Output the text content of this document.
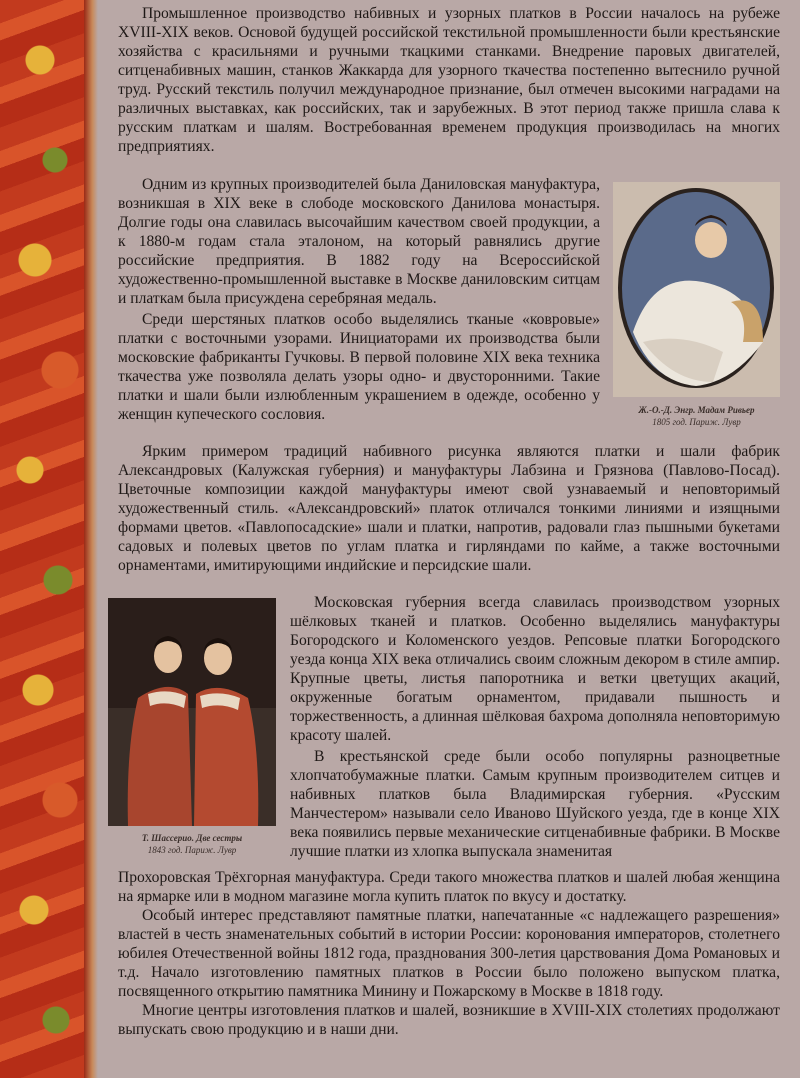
Промышленное производство набивных и узорных платков в России началось на рубеже XVIII-XIX веков. Основой будущей российской текстильной промышленности были крестьянские хозяйства с красильнями и ручными ткацкими станками. Внедрение паровых двигателей, ситценабивных машин, станков Жаккарда для узорного ткачества постепенно вытеснило ручной труд. Русский текстиль получил международное признание, был отмечен высокими наградами на различных выставках, как российских, так и зарубежных. В этот период также пришла слава к русским платкам и шалям. Востребованная временем продукция производилась на многих предприятиях.

Одним из крупных производителей была Даниловская мануфактура, возникшая в XIX веке в слободе московского Данилова монастыря. Долгие годы она славилась высочайшим качеством своей продукции, а к 1880-м годам стала эталоном, на который равнялись другие российские предприятия. В 1882 году на Всероссийской художественно-промышленной выставке в Москве даниловским ситцам и платкам была присуждена серебряная медаль.

Среди шерстяных платков особо выделялись тканые «ковровые» платки с восточными узорами. Инициаторами их производства были московские фабриканты Гучковы. В первой половине XIX века техника ткачества уже позволяла делать узоры одно- и двусторонними. Такие платки и шали были излюбленным украшением в одежде, особенно у женщин купеческого сословия.	Ж.-О.-Д. Энгр. Мадам Ривьер
1805 год. Париж. Лувр

Ярким примером традиций набивного рисунка являются платки и шали фабрик Александровых (Калужская губерния) и мануфактуры Лабзина и Грязнова (Павлово-Посад). Цветочные композиции каждой мануфактуры имеют свой узнаваемый и неповторимый художественный стиль. «Александровский» платок отличался тонкими линиями и изящными формами цветов. «Павлопосадские» шали и платки, напротив, радовали глаз пышными букетами садовых и полевых цветов по углам платка и гирляндами по кайме, а также восточными орнаментами, имитирующими индийские и персидские шали.

Т. Шассерио. Две сестры
1843 год. Париж. Лувр

Московская губерния всегда славилась производством узорных шёлковых тканей и платков. Особенно выделялись мануфактуры Богородского и Коломенского уездов. Репсовые платки Богородского уезда конца XIX века отличались своим сложным декором в стиле ампир. Крупные цветы, листья папоротника и ветки цветущих акаций, окруженные богатым орнаментом, придавали пышность и торжественность, а длинная шёлковая бахрома дополняла неповторимую красоту шалей.

В крестьянской среде были особо популярны разноцветные хлопчатобумажные платки. Самым крупным производителем ситцев и набивных платков была Владимирская губерния. «Русским Манчестером» называли село Иваново Шуйского уезда, где в конце XIX века появились первые механические ситценабивные фабрики. В Москве лучшие платки из хлопка выпускала знаменитая

Прохоровская Трёхгорная мануфактура. Среди такого множества платков и шалей любая женщина на ярмарке или в модном магазине могла купить платок по вкусу и достатку.

Особый интерес представляют памятные платки, напечатанные «с надлежащего разрешения» властей в честь знаменательных событий в истории России: коронования императоров, столетнего юбилея Отечественной войны 1812 года, празднования 300-летия царствования Дома Романовых и т.д. Начало изготовлению памятных платков в России было положено выпуском платка, посвященного открытию памятника Минину и Пожарскому в Москве в 1818 году.

Многие центры изготовления платков и шалей, возникшие в XVIII-XIX столетиях продолжают выпускать свою продукцию и в наши дни.
